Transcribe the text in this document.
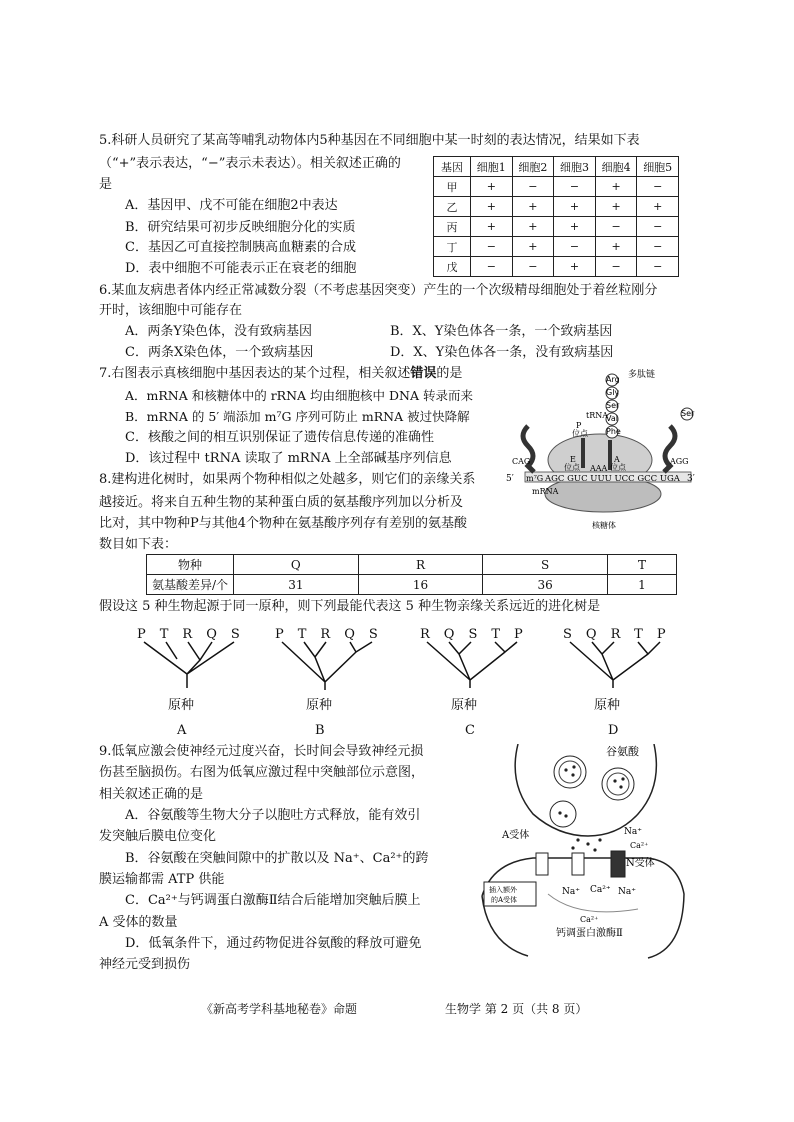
5.科研人员研究了某高等哺乳动物体内5种基因在不同细胞中某一时刻的表达情况，结果如下表
（“+”表示表达，“−”表示未表达）。相关叙述正确的
是
A．基因甲、戊不可能在细胞2中表达
B．研究结果可初步反映细胞分化的实质
C．基因乙可直接控制胰高血糖素的合成
D．表中细胞不可能表示正在衰老的细胞
基因	细胞1	细胞2	细胞3	细胞4	细胞5
甲	+	−	−	+	−
乙	+	+	+	+	+
丙	+	+	+	−	−
丁	−	+	−	+	−
戊	−	−	+	−	−
6.某血友病患者体内经正常减数分裂（不考虑基因突变）产生的一个次级精母细胞处于着丝粒刚分
开时，该细胞中可能存在
A．两条Y染色体，没有致病基因	B．X、Y染色体各一条，一个致病基因
C．两条X染色体，一个致病基因	D．X、Y染色体各一条，没有致病基因
7.右图表示真核细胞中基因表达的某个过程，相关叙述错误的是
A．mRNA 和核糖体中的 rRNA 均由细胞核中 DNA 转录而来
B．mRNA 的 5′ 端添加 m⁷G 序列可防止 mRNA 被过快降解
C．核酸之间的相互识别保证了遗传信息传递的准确性
D．该过程中 tRNA 读取了 mRNA 上全部碱基序列信息
Arg
Gly
Ser
Val
Phe
Ser
多肽链
tRNA
P
位点
E
位点
A
位点
AAA
CAG	AGG
5′ m⁷G AGC GUC UUU UCC GCC UGA 3′
mRNA
核糖体
8.建构进化树时，如果两个物种相似之处越多，则它们的亲缘关系
越接近。将来自五种生物的某种蛋白质的氨基酸序列加以分析及
比对，其中物种P与其他4个物种在氨基酸序列存有差别的氨基酸
数目如下表：
物种	Q	R	S	T
氨基酸差异/个	31	16	36	1
假设这 5 种生物起源于同一原种，则下列最能代表这 5 种生物亲缘关系远近的进化树是
PTRQS PTRQS RQSTP SQRTP
原种	原种	原种	原种
A	B	C	D
9.低氧应激会使神经元过度兴奋，长时间会导致神经元损
伤甚至脑损伤。右图为低氧应激过程中突触部位示意图，
相关叙述正确的是
A．谷氨酸等生物大分子以胞吐方式释放，能有效引
发突触后膜电位变化
B．谷氨酸在突触间隙中的扩散以及 Na⁺、Ca²⁺的跨
膜运输都需 ATP 供能
C．Ca²⁺与钙调蛋白激酶Ⅱ结合后能增加突触后膜上
A 受体的数量
D．低氧条件下，通过药物促进谷氨酸的释放可避免
神经元受到损伤
插入额外
的A受体
谷氨酸
A受体
N受体
Na⁺
Ca²⁺
Na⁺ Ca²⁺ Na⁺
Ca²⁺
钙调蛋白激酶Ⅱ
《新高考学科基地秘卷》命题	生物学 第 2 页（共 8 页）
